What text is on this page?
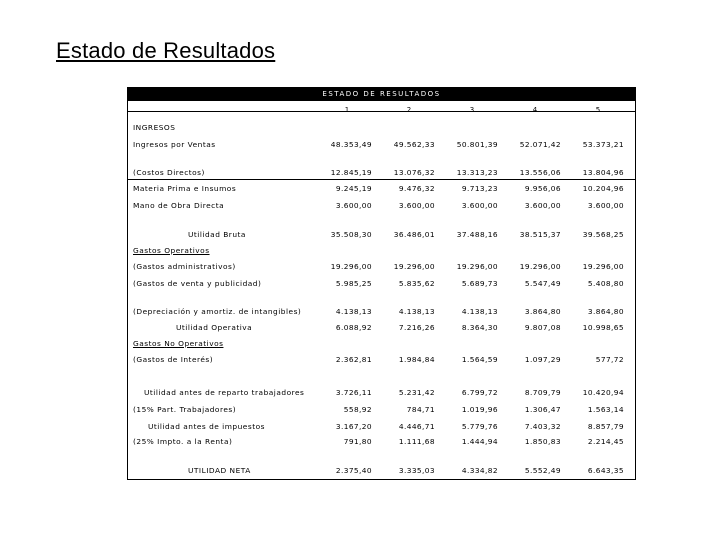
Estado de Resultados
ESTADO DE RESULTADOS
1	2	3	4	5
INGRESOS
Ingresos por Ventas	48.353,49	49.562,33	50.801,39	52.071,42	53.373,21
(Costos Directos)	12.845,19	13.076,32	13.313,23	13.556,06	13.804,96
Materia Prima e Insumos	9.245,19	9.476,32	9.713,23	9.956,06	10.204,96
Mano de Obra Directa	3.600,00	3.600,00	3.600,00	3.600,00	3.600,00
Utilidad Bruta	35.508,30	36.486,01	37.488,16	38.515,37	39.568,25
Gastos Operativos
(Gastos administrativos)	19.296,00	19.296,00	19.296,00	19.296,00	19.296,00
(Gastos de venta y publicidad)	5.985,25	5.835,62	5.689,73	5.547,49	5.408,80
(Depreciación y amortiz. de intangibles)	4.138,13	4.138,13	4.138,13	3.864,80	3.864,80
Utilidad Operativa	6.088,92	7.216,26	8.364,30	9.807,08	10.998,65
Gastos No Operativos
(Gastos de Interés)	2.362,81	1.984,84	1.564,59	1.097,29	577,72
Utilidad antes de reparto trabajadores	3.726,11	5.231,42	6.799,72	8.709,79	10.420,94
(15% Part. Trabajadores)	558,92	784,71	1.019,96	1.306,47	1.563,14
Utilidad antes de impuestos	3.167,20	4.446,71	5.779,76	7.403,32	8.857,79
(25% Impto. a la Renta)	791,80	1.111,68	1.444,94	1.850,83	2.214,45
UTILIDAD NETA	2.375,40	3.335,03	4.334,82	5.552,49	6.643,35
